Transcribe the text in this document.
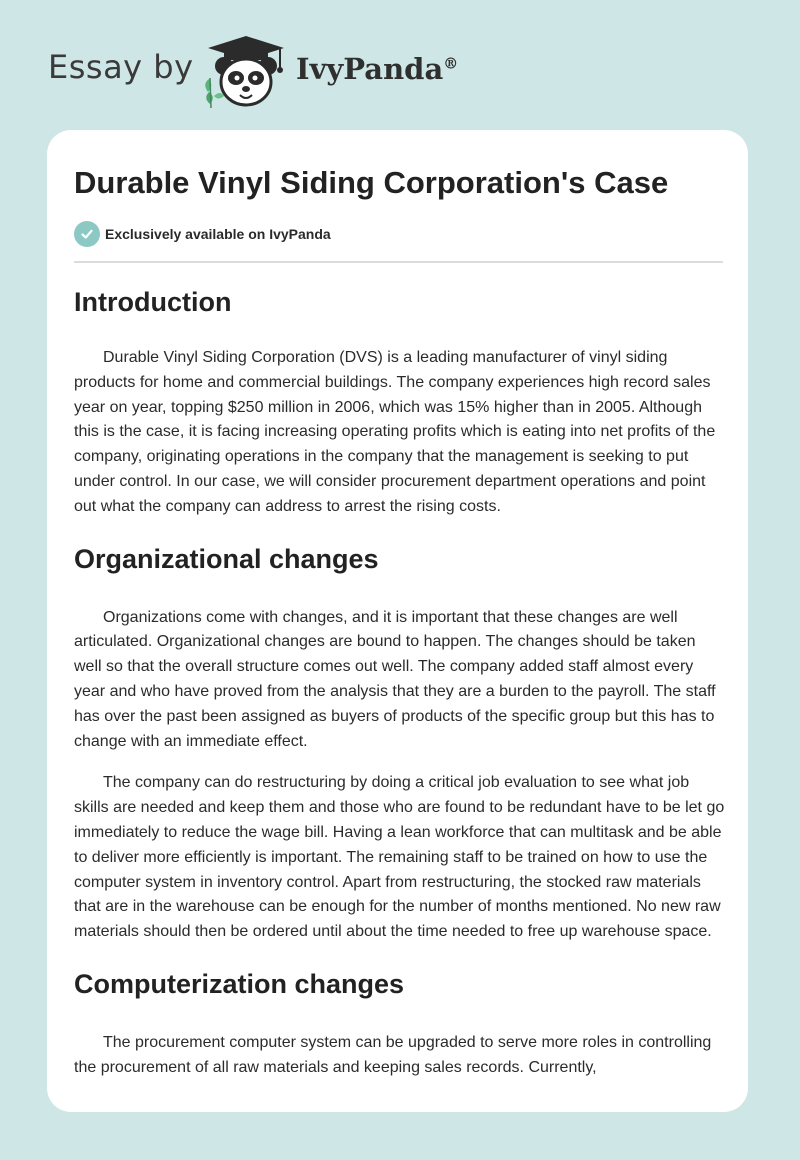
Essay by	IvyPanda®
Durable Vinyl Siding Corporation's Case
Exclusively available on IvyPanda
Introduction

Durable Vinyl Siding Corporation (DVS) is a leading manufacturer of vinyl siding products for home and commercial buildings. The company experiences high record sales year on year, topping $250 million in 2006, which was 15% higher than in 2005. Although this is the case, it is facing increasing operating profits which is eating into net profits of the company, originating operations in the company that the management is seeking to put under control. In our case, we will consider procurement department operations and point out what the company can address to arrest the rising costs.

Organizational changes

Organizations come with changes, and it is important that these changes are well articulated. Organizational changes are bound to happen. The changes should be taken well so that the overall structure comes out well. The company added staff almost every year and who have proved from the analysis that they are a burden to the payroll. The staff has over the past been assigned as buyers of products of the specific group but this has to change with an immediate effect.

The company can do restructuring by doing a critical job evaluation to see what job skills are needed and keep them and those who are found to be redundant have to be let go immediately to reduce the wage bill. Having a lean workforce that can multitask and be able to deliver more efficiently is important. The remaining staff to be trained on how to use the computer system in inventory control. Apart from restructuring, the stocked raw materials that are in the warehouse can be enough for the number of months mentioned. No new raw materials should then be ordered until about the time needed to free up warehouse space.

Computerization changes

The procurement computer system can be upgraded to serve more roles in controlling the procurement of all raw materials and keeping sales records. Currently,
